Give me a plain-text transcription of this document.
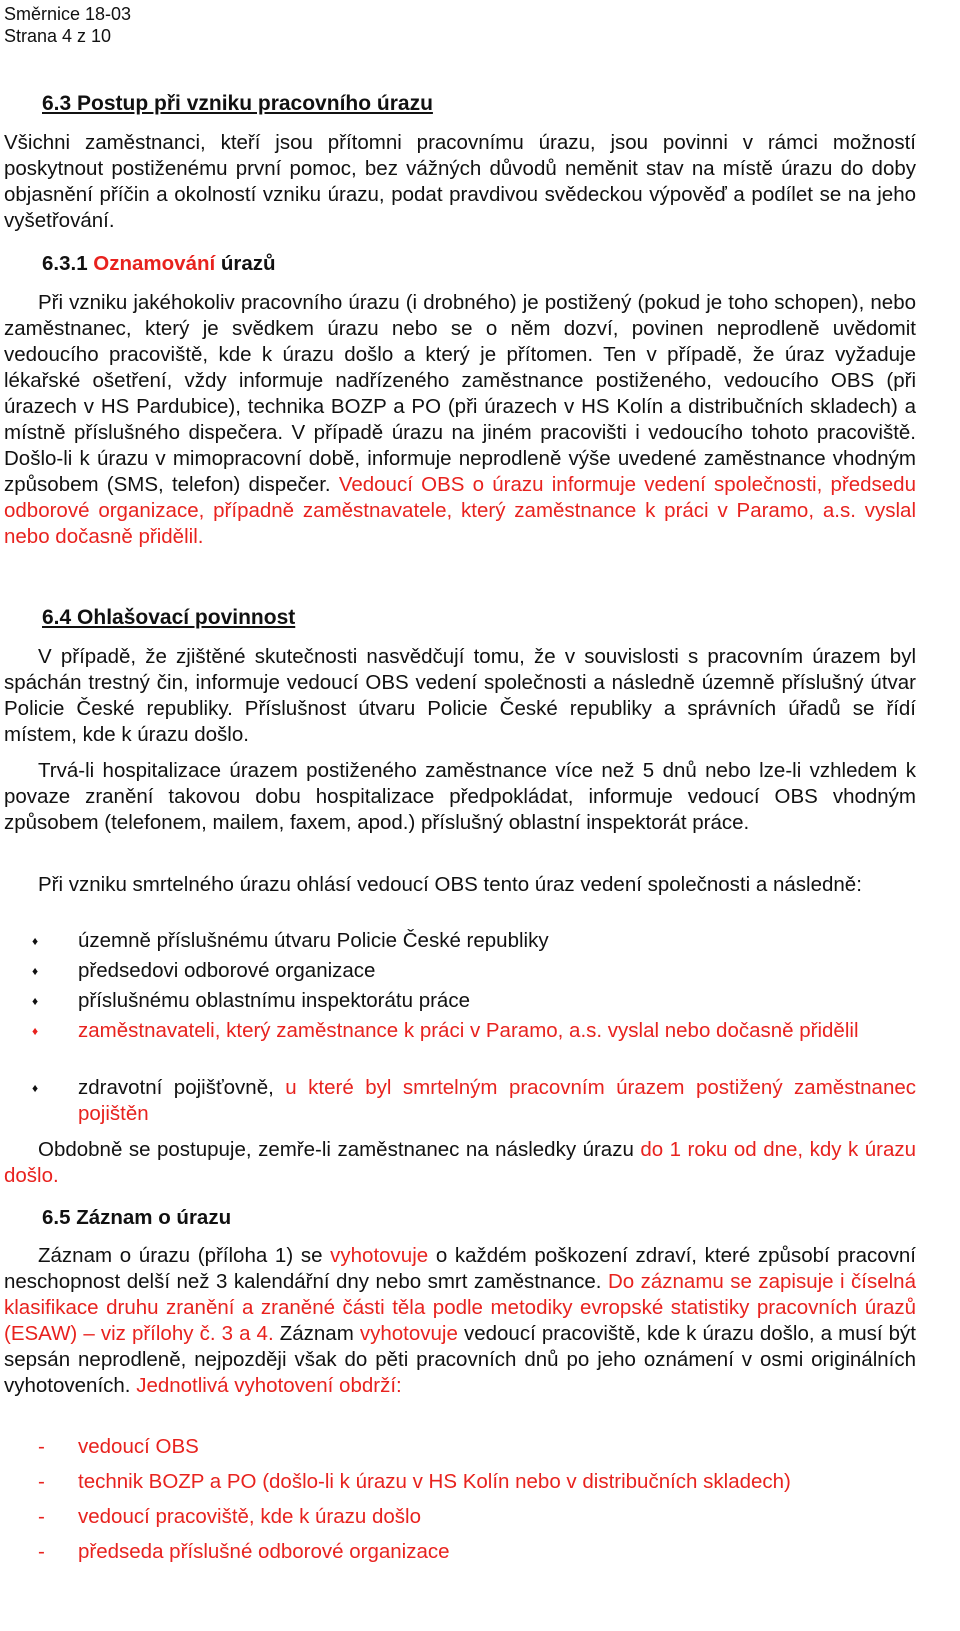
Směrnice 18-03
Strana 4 z 10
6.3 Postup při vzniku pracovního úrazu

Všichni zaměstnanci, kteří jsou přítomni pracovnímu úrazu, jsou povinni v rámci možností poskytnout postiženému první pomoc, bez vážných důvodů neměnit stav na místě úrazu do doby objasnění příčin a okolností vzniku úrazu, podat pravdivou svědeckou výpověď a podílet se na jeho vyšetřování.

6.3.1 Oznamování úrazů

Při vzniku jakéhokoliv pracovního úrazu (i drobného) je postižený (pokud je toho schopen), nebo zaměstnanec, který je svědkem úrazu nebo se o něm dozví, povinen neprodleně uvědomit vedoucího pracoviště, kde k úrazu došlo a který je přítomen. Ten v případě, že úraz vyžaduje lékařské ošetření, vždy informuje nadřízeného zaměstnance postiženého, vedoucího OBS (při úrazech v HS Pardubice), technika BOZP a PO (při úrazech v HS Kolín a distribučních skladech) a místně příslušného dispečera. V případě úrazu na jiném pracovišti i vedoucího tohoto pracoviště. Došlo-li k úrazu v mimopracovní době, informuje neprodleně výše uvedené zaměstnance vhodným způsobem (SMS, telefon) dispečer. Vedoucí OBS o úrazu informuje vedení společnosti, předsedu odborové organizace, případně zaměstnavatele, který zaměstnance k práci v Paramo, a.s. vyslal nebo dočasně přidělil.

6.4 Ohlašovací povinnost

V případě, že zjištěné skutečnosti nasvědčují tomu, že v souvislosti s pracovním úrazem byl spáchán trestný čin, informuje vedoucí OBS vedení společnosti a následně územně příslušný útvar Policie České republiky. Příslušnost útvaru Policie České republiky a správních úřadů se řídí místem, kde k úrazu došlo.

Trvá-li hospitalizace úrazem postiženého zaměstnance více než 5 dnů nebo lze-li vzhledem k povaze zranění takovou dobu hospitalizace předpokládat, informuje vedoucí OBS vhodným způsobem (telefonem, mailem, faxem, apod.) příslušný oblastní inspektorát práce.

Při vzniku smrtelného úrazu ohlásí vedoucí OBS tento úraz vedení společnosti a následně:

♦ územně příslušnému útvaru Policie České republiky
♦ předsedovi odborové organizace
♦ příslušnému oblastnímu inspektorátu práce
♦ zaměstnavateli, který zaměstnance k práci v Paramo, a.s. vyslal nebo dočasně přidělil
♦ zdravotní pojišťovně, u které byl smrtelným pracovním úrazem postižený zaměstnanec pojištěn

Obdobně se postupuje, zemře-li zaměstnanec na následky úrazu do 1 roku od dne, kdy k úrazu došlo.

6.5 Záznam o úrazu

Záznam o úrazu (příloha 1) se vyhotovuje o každém poškození zdraví, které způsobí pracovní neschopnost delší než 3 kalendářní dny nebo smrt zaměstnance. Do záznamu se zapisuje i číselná klasifikace druhu zranění a zraněné části těla podle metodiky evropské statistiky pracovních úrazů (ESAW) – viz přílohy č. 3 a 4. Záznam vyhotovuje vedoucí pracoviště, kde k úrazu došlo, a musí být sepsán neprodleně, nejpozději však do pěti pracovních dnů po jeho oznámení v osmi originálních vyhotoveních. Jednotlivá vyhotovení obdrží:

- vedoucí OBS
- technik BOZP a PO (došlo-li k úrazu v HS Kolín nebo v distribučních skladech)
- vedoucí pracoviště, kde k úrazu došlo
- předseda příslušné odborové organizace
